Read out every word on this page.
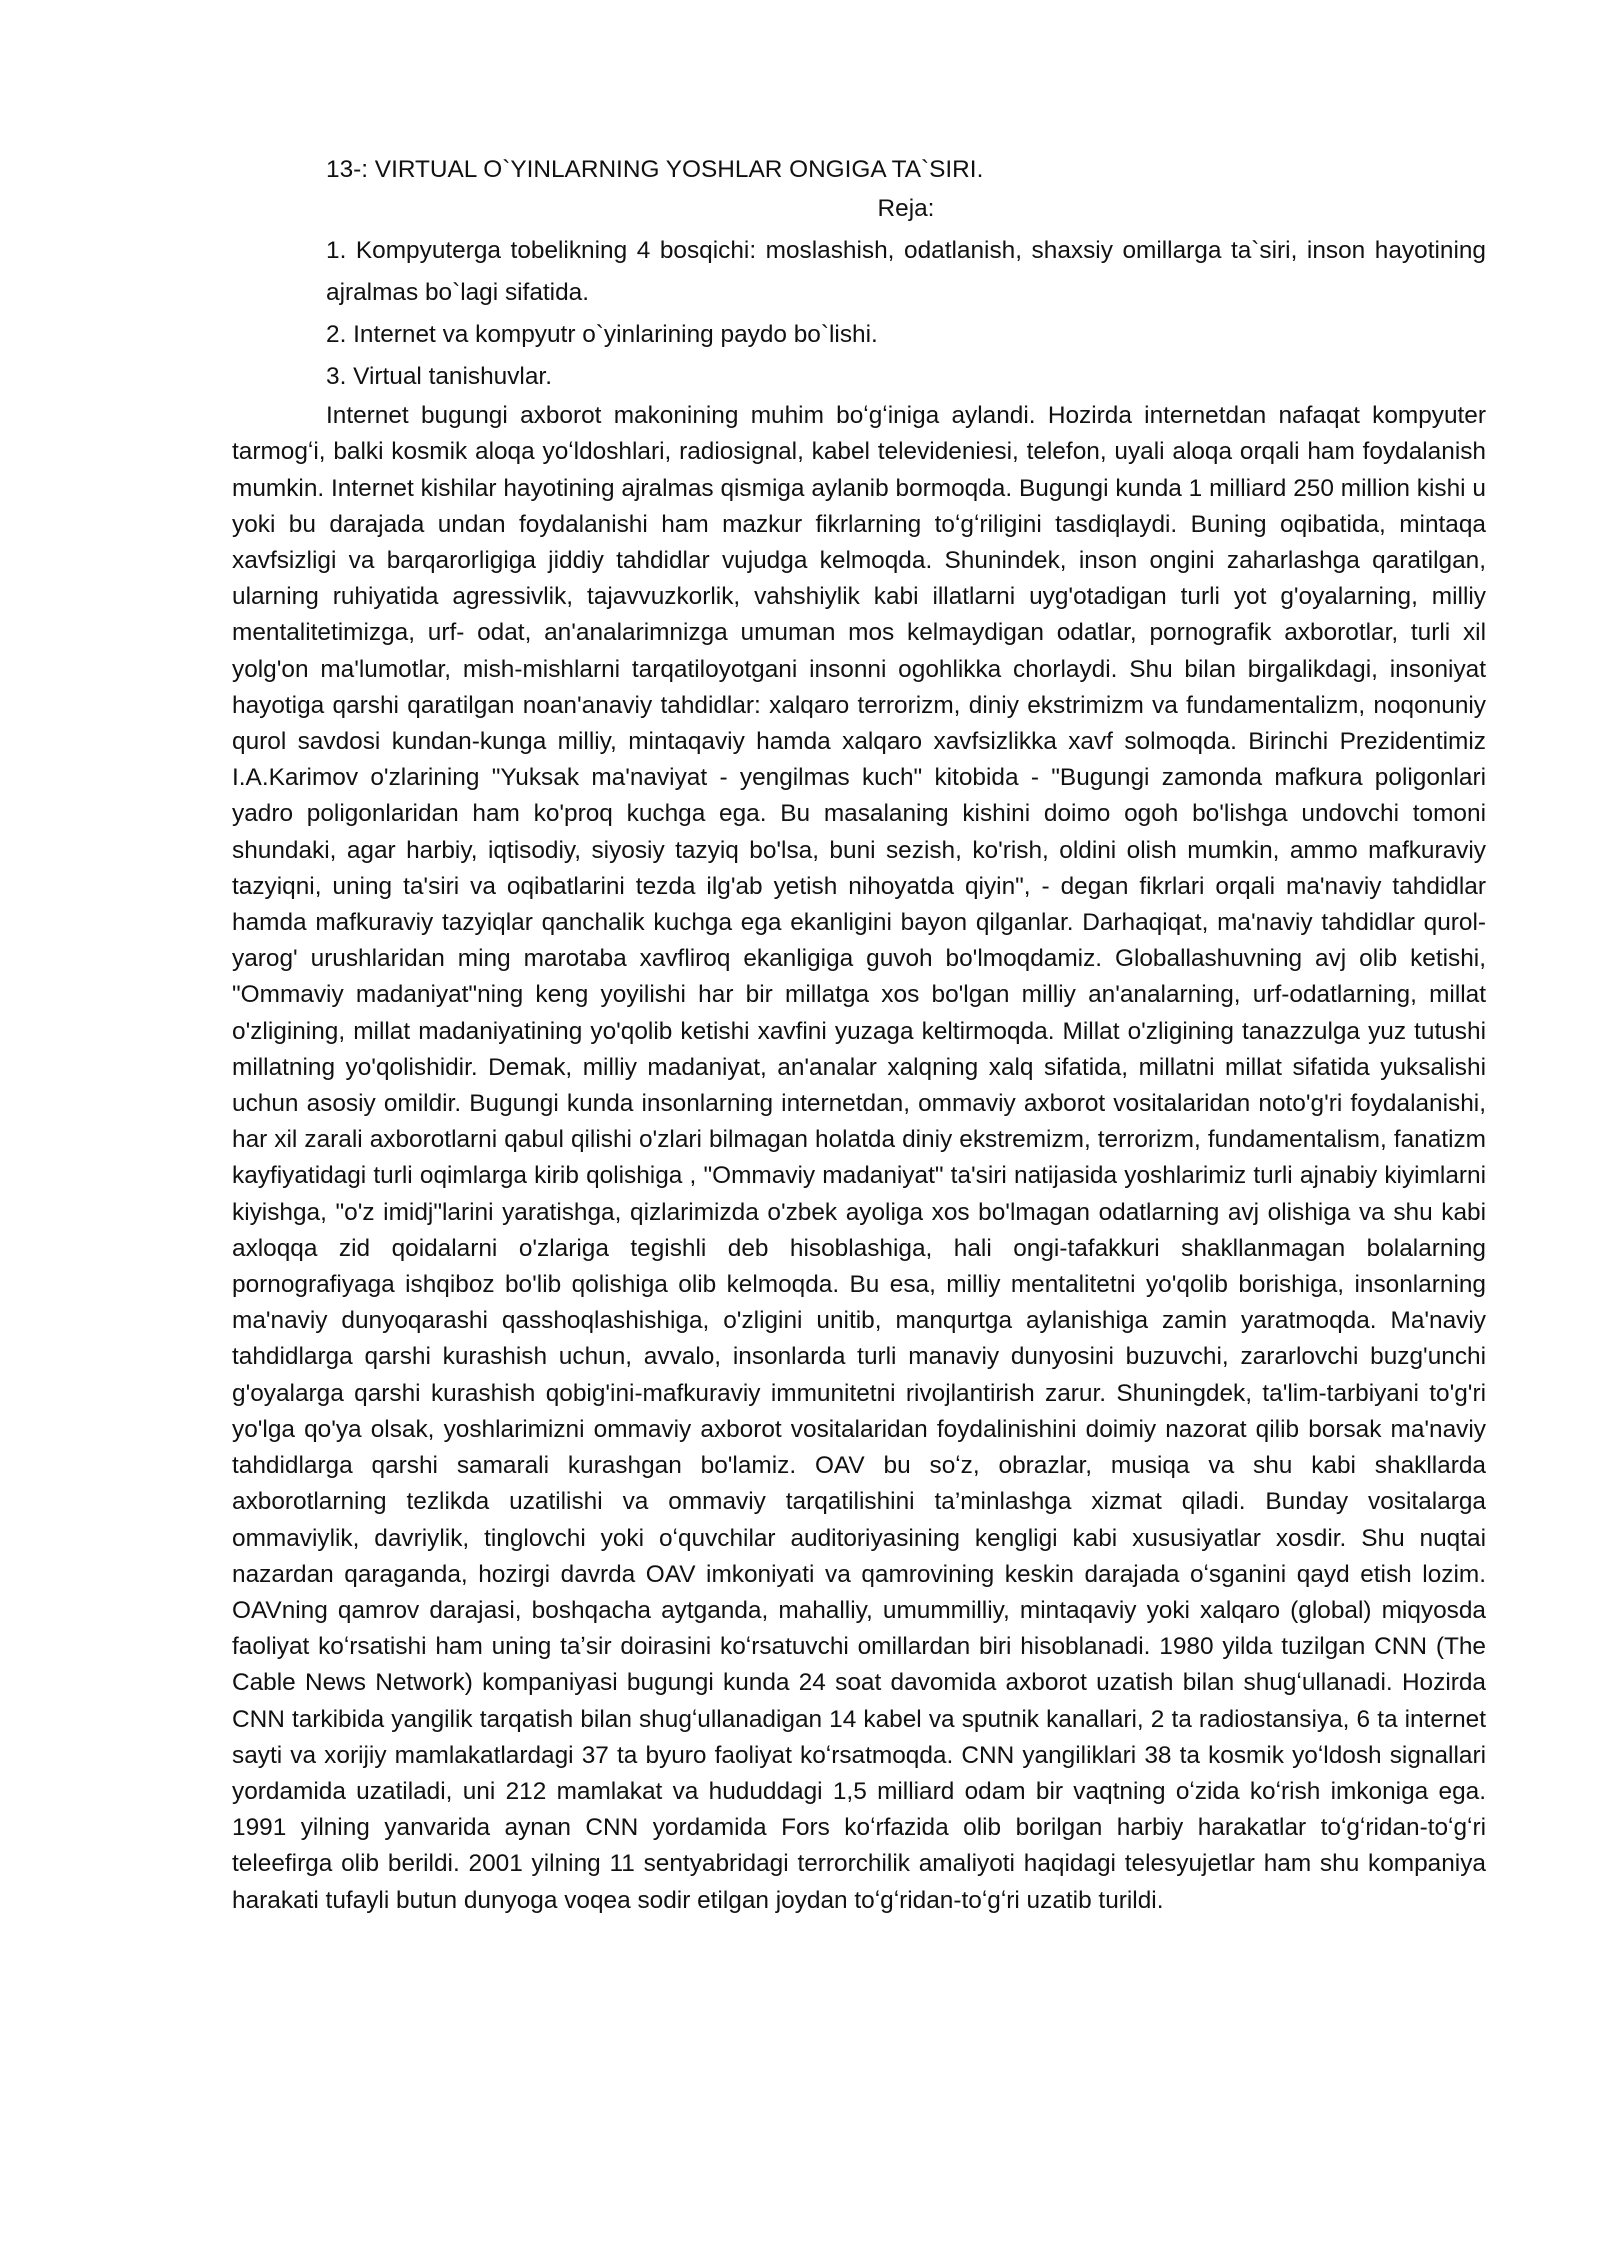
13-: VIRTUAL O`YINLARNING YOSHLAR ONGIGA TA`SIRI.

Reja:

1. Kompyuterga tobelikning 4 bosqichi: moslashish, odatlanish, shaxsiy omillarga ta`siri, inson hayotining ajralmas bo`lagi sifatida.
2. Internet va kompyutr o`yinlarining paydo bo`lishi.
3. Virtual tanishuvlar.

Internet bugungi axborot makonining muhim boʻgʻiniga aylandi. Hozirda internetdan nafaqat kompyuter tarmogʻi, balki kosmik aloqa yoʻldoshlari, radiosignal, kabel televideniesi, telefon, uyali aloqa orqali ham foydalanish mumkin. Internet kishilar hayotining ajralmas qismiga aylanib bormoqda. Bugungi kunda 1 milliard 250 million kishi u yoki bu darajada undan foydalanishi ham mazkur fikrlarning toʻgʻriligini tasdiqlaydi. Buning oqibatida, mintaqa xavfsizligi va barqarorligiga jiddiy tahdidlar vujudga kelmoqda. Shunindek, inson ongini zaharlashga qaratilgan, ularning ruhiyatida agressivlik, tajavvuzkorlik, vahshiylik kabi illatlarni uyg'otadigan turli yot g'oyalarning, milliy mentalitetimizga, urf- odat, an'analarimnizga umuman mos kelmaydigan odatlar, pornografik axborotlar, turli xil yolg'on ma'lumotlar, mish-mishlarni tarqatiloyotgani insonni ogohlikka chorlaydi. Shu bilan birgalikdagi, insoniyat hayotiga qarshi qaratilgan noan'anaviy tahdidlar: xalqaro terrorizm, diniy ekstrimizm va fundamentalizm, noqonuniy qurol savdosi kundan-kunga milliy, mintaqaviy hamda xalqaro xavfsizlikka xavf solmoqda. Birinchi Prezidentimiz I.A.Karimov o'zlarining "Yuksak ma'naviyat - yengilmas kuch" kitobida - "Bugungi zamonda mafkura poligonlari yadro poligonlaridan ham ko'proq kuchga ega. Bu masalaning kishini doimo ogoh bo'lishga undovchi tomoni shundaki, agar harbiy, iqtisodiy, siyosiy tazyiq bo'lsa, buni sezish, ko'rish, oldini olish mumkin, ammo mafkuraviy tazyiqni, uning ta'siri va oqibatlarini tezda ilg'ab yetish nihoyatda qiyin", - degan fikrlari orqali ma'naviy tahdidlar hamda mafkuraviy tazyiqlar qanchalik kuchga ega ekanligini bayon qilganlar. Darhaqiqat, ma'naviy tahdidlar qurol-yarog' urushlaridan ming marotaba xavfliroq ekanligiga guvoh bo'lmoqdamiz. Globallashuvning avj olib ketishi, "Ommaviy madaniyat"ning keng yoyilishi har bir millatga xos bo'lgan milliy an'analarning, urf-odatlarning, millat o'zligining, millat madaniyatining yo'qolib ketishi xavfini yuzaga keltirmoqda. Millat o'zligining tanazzulga yuz tutushi millatning yo'qolishidir. Demak, milliy madaniyat, an'analar xalqning xalq sifatida, millatni millat sifatida yuksalishi uchun asosiy omildir. Bugungi kunda insonlarning internetdan, ommaviy axborot vositalaridan noto'g'ri foydalanishi, har xil zarali axborotlarni qabul qilishi o'zlari bilmagan holatda diniy ekstremizm, terrorizm, fundamentalism, fanatizm kayfiyatidagi turli oqimlarga kirib qolishiga , "Ommaviy madaniyat" ta'siri natijasida yoshlarimiz turli ajnabiy kiyimlarni kiyishga, "o'z imidj"larini yaratishga, qizlarimizda o'zbek ayoliga xos bo'lmagan odatlarning avj olishiga va shu kabi axloqqa zid qoidalarni o'zlariga tegishli deb hisoblashiga, hali ongi-tafakkuri shakllanmagan bolalarning pornografiyaga ishqiboz bo'lib qolishiga olib kelmoqda. Bu esa, milliy mentalitetni yo'qolib borishiga, insonlarning ma'naviy dunyoqarashi qasshoqlashishiga, o'zligini unitib, manqurtga aylanishiga zamin yaratmoqda. Ma'naviy tahdidlarga qarshi kurashish uchun, avvalo, insonlarda turli manaviy dunyosini buzuvchi, zararlovchi buzg'unchi g'oyalarga qarshi kurashish qobig'ini-mafkuraviy immunitetni rivojlantirish zarur. Shuningdek, ta'lim-tarbiyani to'g'ri yo'lga qo'ya olsak, yoshlarimizni ommaviy axborot vositalaridan foydalinishini doimiy nazorat qilib borsak ma'naviy tahdidlarga qarshi samarali kurashgan bo'lamiz. OAV bu soʻz, obrazlar, musiqa va shu kabi shakllarda axborotlarning tezlikda uzatilishi va ommaviy tarqatilishini ta’minlashga xizmat qiladi. Bunday vositalarga ommaviylik, davriylik, tinglovchi yoki oʻquvchilar auditoriyasining kengligi kabi xususiyatlar xosdir. Shu nuqtai nazardan qaraganda, hozirgi davrda OAV imkoniyati va qamrovining keskin darajada oʻsganini qayd etish lozim. OAVning qamrov darajasi, boshqacha aytganda, mahalliy, umummilliy, mintaqaviy yoki xalqaro (global) miqyosda faoliyat koʻrsatishi ham uning taʼsir doirasini koʻrsatuvchi omillardan biri hisoblanadi. 1980 yilda tuzilgan CNN (The Cable News Network) kompaniyasi bugungi kunda 24 soat davomida axborot uzatish bilan shugʻullanadi. Hozirda CNN tarkibida yangilik tarqatish bilan shugʻullanadigan 14 kabel va sputnik kanallari, 2 ta radiostansiya, 6 ta internet sayti va xorijiy mamlakatlardagi 37 ta byuro faoliyat koʻrsatmoqda. CNN yangiliklari 38 ta kosmik yoʻldosh signallari yordamida uzatiladi, uni 212 mamlakat va hududdagi 1,5 milliard odam bir vaqtning oʻzida koʻrish imkoniga ega. 1991 yilning yanvarida aynan CNN yordamida Fors koʻrfazida olib borilgan harbiy harakatlar toʻgʻridan-toʻgʻri teleefirga olib berildi. 2001 yilning 11 sentyabridagi terrorchilik amaliyoti haqidagi telesyujetlar ham shu kompaniya harakati tufayli butun dunyoga voqea sodir etilgan joydan toʻgʻridan-toʻgʻri uzatib turildi.
